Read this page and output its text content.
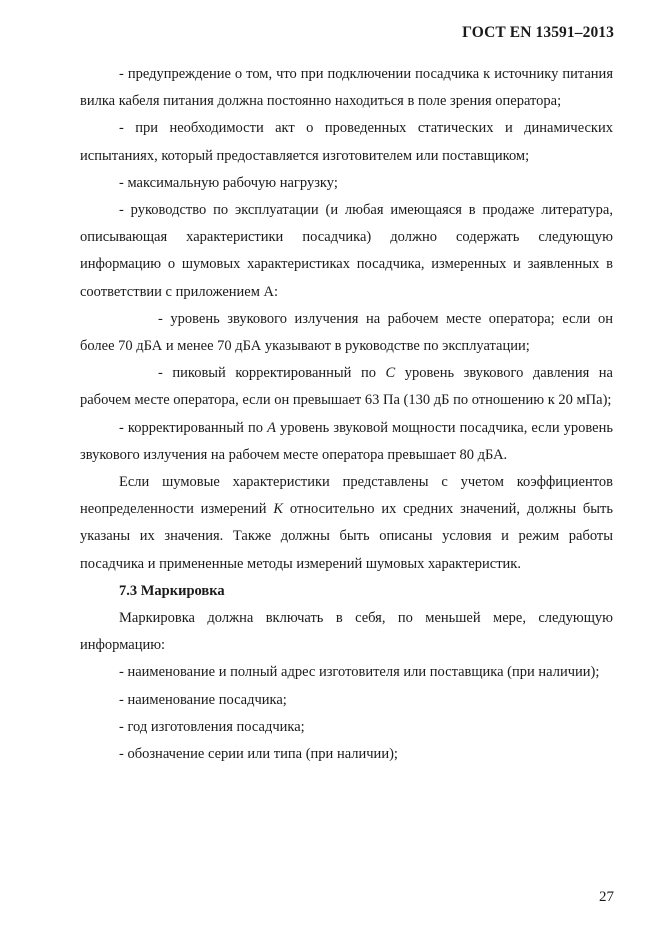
ГОСТ EN 13591–2013

- предупреждение о том, что при подключении посадчика к источнику питания вилка кабеля питания должна постоянно находиться в поле зрения оператора;

- при необходимости акт о проведенных статических и динамических испытаниях, который предоставляется изготовителем или поставщиком;

- максимальную рабочую нагрузку;

- руководство по эксплуатации (и любая имеющаяся в продаже литература, описывающая характеристики посадчика) должно содержать следующую информацию о шумовых характеристиках посадчика, измеренных и заявленных в соответствии с приложением А:

- уровень звукового излучения на рабочем месте оператора; если он более 70 дБА и менее 70 дБА указывают в руководстве по эксплуатации;

- пиковый корректированный по C уровень звукового давления на рабочем месте оператора, если он превышает 63 Па (130 дБ по отношению к 20 мПа);

- корректированный по A уровень звуковой мощности посадчика, если уровень звукового излучения на рабочем месте оператора превышает 80 дБА.

Если шумовые характеристики представлены с учетом коэффициентов неопределенности измерений K относительно их средних значений, должны быть указаны их значения. Также должны быть описаны условия и режим работы посадчика и примененные методы измерений шумовых характеристик.

7.3 Маркировка

Маркировка должна включать в себя, по меньшей мере, следующую информацию:

- наименование и полный адрес изготовителя или поставщика (при наличии);

- наименование посадчика;

- год изготовления посадчика;

- обозначение серии или типа (при наличии);

27
